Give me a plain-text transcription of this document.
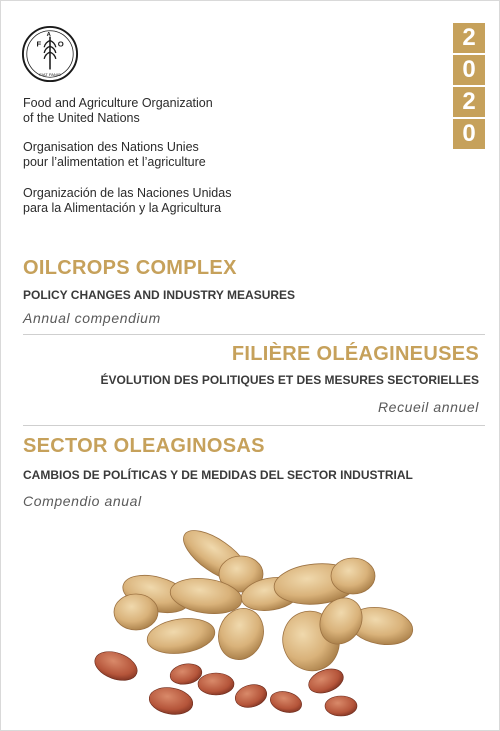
F
A
O
FIAT PANIS
Food and Agriculture Organization
of the United Nations
Organisation des Nations Unies
pour l’alimentation et l’agriculture
Organización de las Naciones Unidas
para la Alimentación y la Agricultura
2
0
2
0
OILCROPS COMPLEX
POLICY CHANGES AND INDUSTRY MEASURES
Annual compendium
FILIÈRE OLÉAGINEUSES
ÉVOLUTION DES POLITIQUES ET DES MESURES SECTORIELLES
Recueil annuel
SECTOR OLEAGINOSAS
CAMBIOS DE POLÍTICAS Y DE MEDIDAS DEL SECTOR INDUSTRIAL
Compendio anual
